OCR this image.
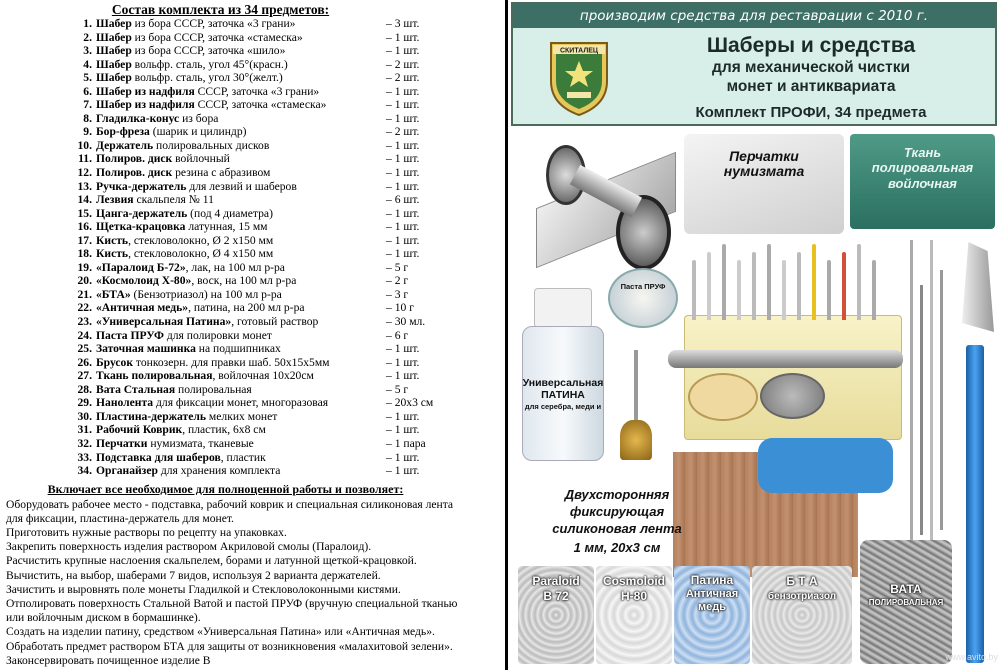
Состав комплекта из 34 предметов:
1. Шабер из бора СССР, заточка «3 грани»	– 3 шт.
2. Шабер из бора СССР, заточка «стамеска»	– 1 шт.
3. Шабер из бора СССР, заточка «шило»	– 1 шт.
4. Шабер вольфр. сталь, угол 45°(красн.)	– 2 шт.
5. Шабер вольфр. сталь, угол 30°(желт.)	– 2 шт.
6. Шабер из надфиля СССР, заточка «3 грани»	– 1 шт.
7. Шабер из надфиля СССР, заточка «стамеска»	– 1 шт.
8. Гладилка-конус из бора	– 1 шт.
9. Бор-фреза (шарик и цилиндр)	– 2 шт.
10. Держатель полировальных дисков	– 1 шт.
11. Полиров. диск войлочный	– 1 шт.
12. Полиров. диск резина с абразивом	– 1 шт.
13. Ручка-держатель для лезвий и шаберов	– 1 шт.
14. Лезвия скальпеля № 11	– 6 шт.
15. Цанга-держатель (под 4 диаметра)	– 1 шт.
16. Щетка-крацовка латунная, 15 мм	– 1 шт.
17. Кисть, стекловолокно, Ø 2 х150 мм	– 1 шт.
18. Кисть, стекловолокно, Ø 4 х150 мм	– 1 шт.
19. «Паралоид Б-72», лак, на 100 мл р-ра	– 5 г
20. «Космолоид Х-80», воск, на 100 мл р-ра	– 2 г
21. «БТА» (Бензотриазол) на 100 мл р-ра	– 3 г
22. «Античная медь», патина, на 200 мл р-ра	– 10 г
23. «Универсальная Патина», готовый раствор	– 30 мл.
24. Паста ПРУФ для полировки монет	– 6 г
25. Заточная машинка на подшипниках	– 1 шт.
26. Брусок тонкозерн. для правки шаб. 50х15х5мм	– 1 шт.
27. Ткань полировальная, войлочная 10х20см	– 1 шт.
28. Вата Стальная полировальная	– 5 г
29. Нанолента для фиксации монет, многоразовая	– 20х3 см
30. Пластина-держатель мелких монет	– 1 шт.
31. Рабочий Коврик, пластик, 6х8 см	– 1 шт.
32. Перчатки нумизмата, тканевые	– 1 пара
33. Подставка для шаберов, пластик	– 1 шт.
34. Органайзер для хранения комплекта	– 1 шт.
Включает все необходимое для полноценной работы и позволяет:

Оборудовать рабочее место - подставка, рабочий коврик и специальная силиконовая лента

для фиксации, пластина-держатель для монет.

Приготовить нужные растворы по рецепту на упаковках.

Закрепить поверхность изделия раствором Акриловой смолы (Паралоид).

Расчистить крупные наслоения скальпелем, борами и латунной щеткой-крацовкой.

Вычистить, на выбор, шаберами 7 видов, используя 2 варианта держателей.

Зачистить и выровнять поле монеты Гладилкой и Стекловолоконными кистями.

Отполировать поверхность Стальной Ватой и пастой ПРУФ (вручную специальной тканью

или войлочным диском в бормашинке).

Создать на изделии патину, средством «Универсальная Патина» или «Античная медь».

Обработать предмет раствором БТА для защиты от возникновения «малахитовой зелени».

Законсервировать почищенное изделие В

производим средства для реставрации с 2010 г.
СКИТАЛЕЦ	Шаберы и средства
для механической чистки
монет и антиквариата
Комплект ПРОФИ, 34 предмета
Перчатки
нумизмата
Ткань
полировальная
войлочная
Паста ПРУФ
Универсальная
ПАТИНА
для серебра, меди и
Двухсторонняя
фиксирующая
силиконовая лента
1 мм, 20х3 см
Paraloid
B 72
Cosmoloid
H-80
Патина
Античная
медь
Б Т А
бензотриазол
ВАТА
ПОЛИРОВАЛЬНАЯ
www.avito.by
